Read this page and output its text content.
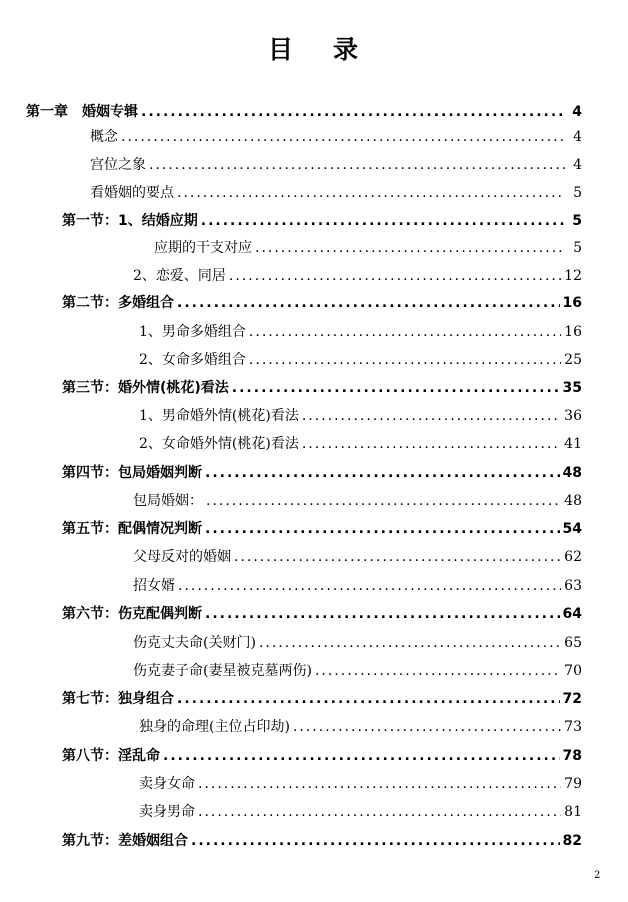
目 录
第一章　婚姻专辑 .....	4
概念 .....	4
宫位之象 .....	4
看婚姻的要点 .....	5
第一节：1、结婚应期 .....	5
应期的干支对应 .....	5
2、恋爱、同居 .....	12
第二节：多婚组合 .....	16
1、男命多婚组合 .....	16
2、女命多婚组合 .....	25
第三节：婚外情(桃花)看法 .....	35
1、男命婚外情(桃花)看法 .....	36
2、女命婚外情(桃花)看法 .....	41
第四节：包局婚姻判断 .....	48
包局婚姻： .....	48
第五节：配偶情况判断 .....	54
父母反对的婚姻 .....	62
招女婿 .....	63
第六节：伤克配偶判断 .....	64
伤克丈夫命(关财门) .....	65
伤克妻子命(妻星被克墓两伤) .....	70
第七节：独身组合 .....	72
独身的命理(主位占印劫) .....	73
第八节：淫乱命 .....	78
卖身女命 .....	79
卖身男命 .....	81
第九节：差婚姻组合 .....	82
2
